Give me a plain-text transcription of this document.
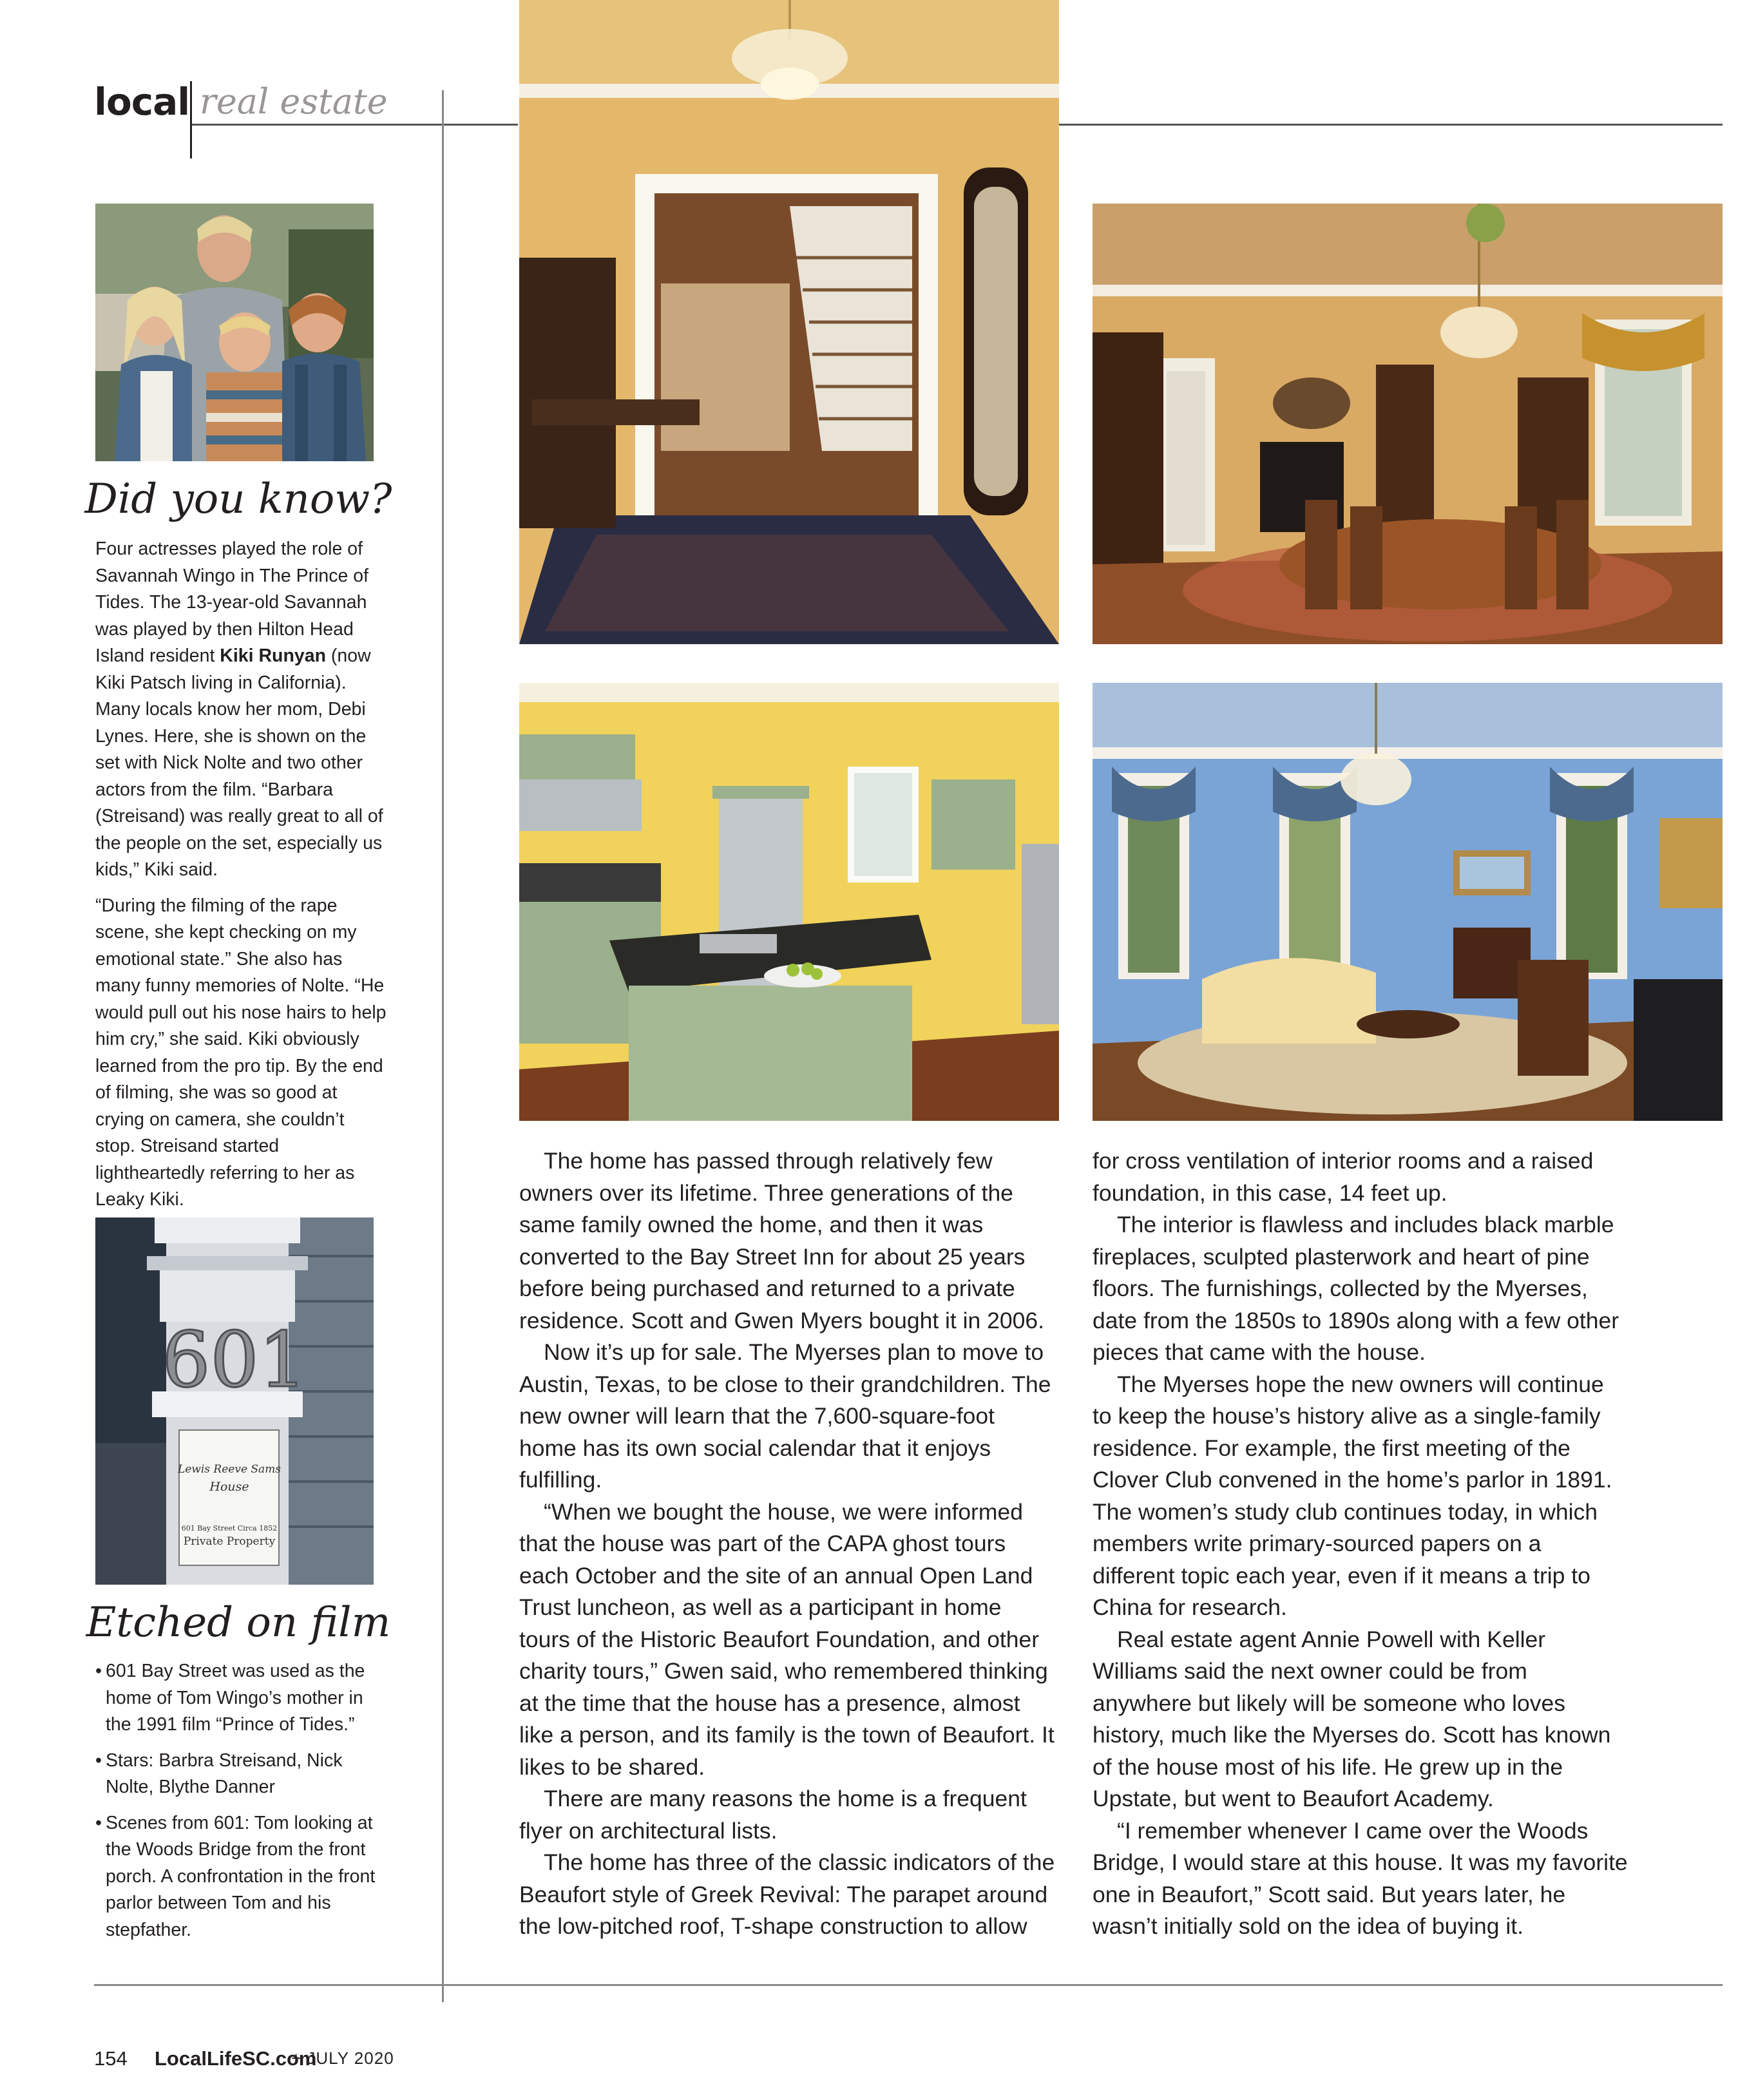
local real estate
Did you know?

Four actresses played the role of Savannah Wingo in The Prince of Tides. The 13-year-old Savannah was played by then Hilton Head Island resident Kiki Runyan (now Kiki Patsch living in California). Many locals know her mom, Debi Lynes. Here, she is shown on the set with Nick Nolte and two other actors from the film. “Barbara (Streisand) was really great to all of the people on the set, especially us kids,” Kiki said.

“During the filming of the rape scene, she kept checking on my emotional state.” She also has many funny memories of Nolte. “He would pull out his nose hairs to help him cry,” she said. Kiki obviously learned from the pro tip. By the end of filming, she was so good at crying on camera, she couldn’t stop. Streisand started lightheartedly referring to her as Leaky Kiki.

601
Lewis Reeve Sams
House
601 Bay Street Circa 1852
Private Property
Etched on film
• 601 Bay Street was used as the home of Tom Wingo’s mother in the 1991 film “Prince of Tides.”
• Stars: Barbra Streisand, Nick Nolte, Blythe Danner
• Scenes from 601: Tom looking at the Woods Bridge from the front porch. A confrontation in the front parlor between Tom and his stepfather.

The home has passed through relatively few owners over its lifetime. Three generations of the same family owned the home, and then it was converted to the Bay Street Inn for about 25 years before being purchased and returned to a private residence. Scott and Gwen Myers bought it in 2006.

Now it’s up for sale. The Myerses plan to move to Austin, Texas, to be close to their grandchildren. The new owner will learn that the 7,600-square-foot home has its own social calendar that it enjoys fulfilling.

“When we bought the house, we were informed that the house was part of the CAPA ghost tours each October and the site of an annual Open Land Trust luncheon, as well as a participant in home tours of the Historic Beaufort Foundation, and other charity tours,” Gwen said, who remembered thinking at the time that the house has a presence, almost like a person, and its family is the town of Beaufort. It likes to be shared.

There are many reasons the home is a frequent flyer on architectural lists.

The home has three of the classic indicators of the Beaufort style of Greek Revival: The parapet around the low-pitched roof, T-shape construction to allow

for cross ventilation of interior rooms and a raised foundation, in this case, 14 feet up.

The interior is flawless and includes black marble fireplaces, sculpted plasterwork and heart of pine floors. The furnishings, collected by the Myerses, date from the 1850s to 1890s along with a few other pieces that came with the house.

The Myerses hope the new owners will continue to keep the house’s history alive as a single-family residence. For example, the first meeting of the Clover Club convened in the home’s parlor in 1891. The women’s study club continues today, in which members write primary-sourced papers on a different topic each year, even if it means a trip to China for research.

Real estate agent Annie Powell with Keller Williams said the next owner could be from anywhere but likely will be someone who loves history, much like the Myerses do. Scott has known of the house most of his life. He grew up in the Upstate, but went to Beaufort Academy.

“I remember whenever I came over the Woods Bridge, I would stare at this house. It was my favorite one in Beaufort,” Scott said. But years later, he wasn’t initially sold on the idea of buying it.

154 LocalLifeSC.com
+ JULY 2020
